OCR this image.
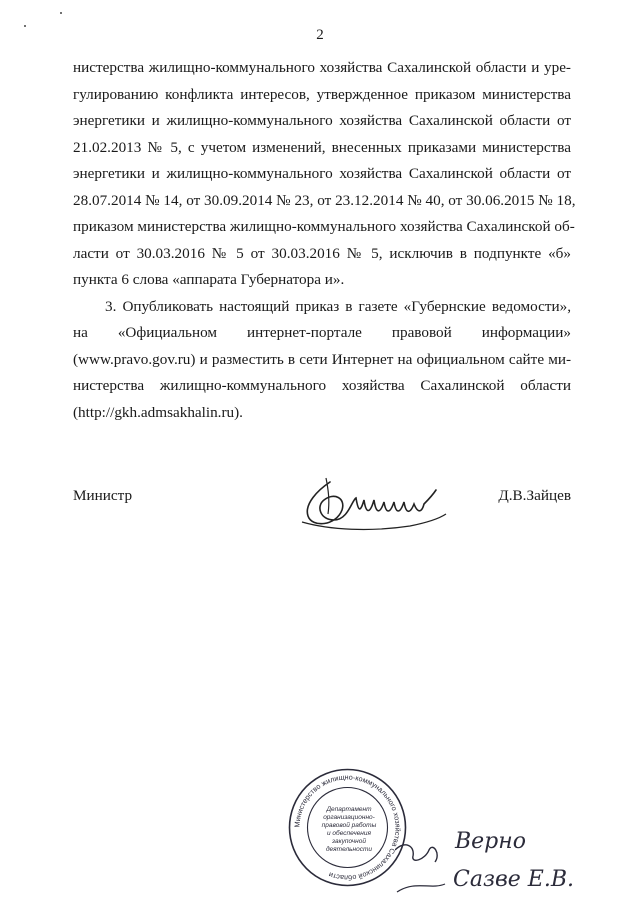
2
нистерства жилищно-коммунального хозяйства Сахалинской области и уре-
гулированию конфликта интересов, утвержденное приказом министерства
энергетики и жилищно-коммунального хозяйства Сахалинской области от
21.02.2013 № 5, с учетом изменений, внесенных приказами министерства
энергетики и жилищно-коммунального хозяйства Сахалинской области от
28.07.2014 № 14, от 30.09.2014 № 23, от 23.12.2014 № 40, от 30.06.2015 № 18,
приказом министерства жилищно-коммунального хозяйства Сахалинской об-
ласти от 30.03.2016 № 5 от 30.03.2016 № 5, исключив в подпункте «б»
пункта 6 слова «аппарата Губернатора и».
3. Опубликовать настоящий приказ в газете «Губернские ведомости»,
на «Официальном интернет-портале правовой информации»
(www.pravo.gov.ru) и разместить в сети Интернет на официальном сайте ми-
нистерства жилищно-коммунального хозяйства Сахалинской области
(http://gkh.admsakhalin.ru).
Министр	Д.В.Зайцев
Министерство жилищно-коммунального хозяйства Сахалинской области
Департамент
организационно-
правовой работы
и обеспечения
закупочной
деятельности	Верно
Сазве Е.В.
